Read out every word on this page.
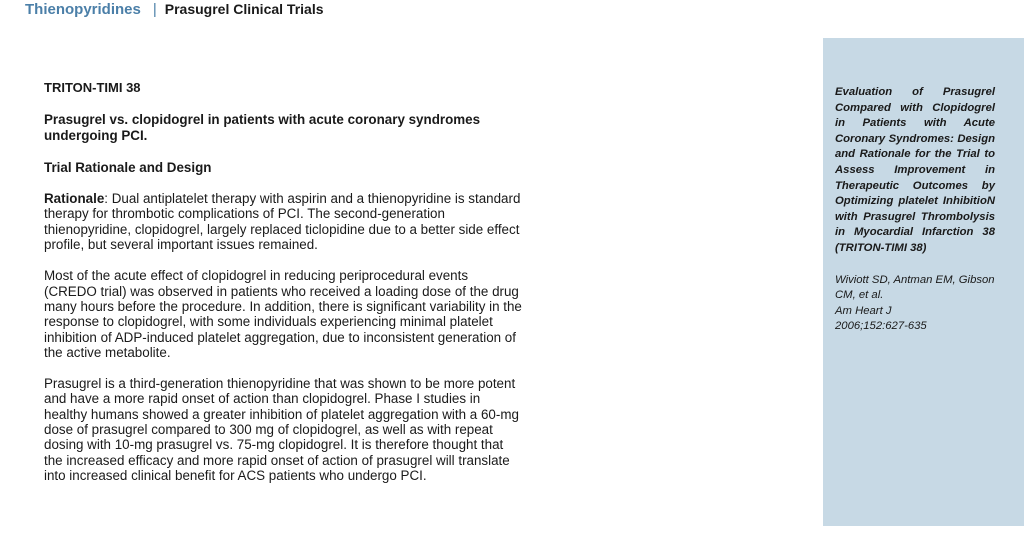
Thienopyridines | Prasugrel Clinical Trials

TRITON-TIMI 38

Prasugrel vs. clopidogrel in patients with acute coronary syndromes undergoing PCI.

Trial Rationale and Design

Rationale: Dual antiplatelet therapy with aspirin and a thienopyridine is standard therapy for thrombotic complications of PCI. The second-generation thienopyridine, clopidogrel, largely replaced ticlopidine due to a better side effect profile, but several important issues remained.

Most of the acute effect of clopidogrel in reducing periprocedural events (CREDO trial) was observed in patients who received a loading dose of the drug many hours before the procedure. In addition, there is significant variability in the response to clopidogrel, with some individuals experiencing minimal platelet inhibition of ADP-induced platelet aggregation, due to inconsistent generation of the active metabolite.

Prasugrel is a third-generation thienopyridine that was shown to be more potent and have a more rapid onset of action than clopidogrel. Phase I studies in healthy humans showed a greater inhibition of platelet aggregation with a 60-mg dose of prasugrel compared to 300 mg of clopidogrel, as well as with repeat dosing with 10-mg prasugrel vs. 75-mg clopidogrel. It is therefore thought that the increased efficacy and more rapid onset of action of prasugrel will translate into increased clinical benefit for ACS patients who undergo PCI.

Evaluation of Prasugrel Compared with Clopidogrel in Patients with Acute Coronary Syndromes: Design and Rationale for the Trial to Assess Improvement in Therapeutic Outcomes by Optimizing platelet InhibitioN with Prasugrel Thrombolysis in Myocardial Infarction 38 (TRITON-TIMI 38)

Wiviott SD, Antman EM, Gibson CM, et al.
Am Heart J
2006;152:627-635
